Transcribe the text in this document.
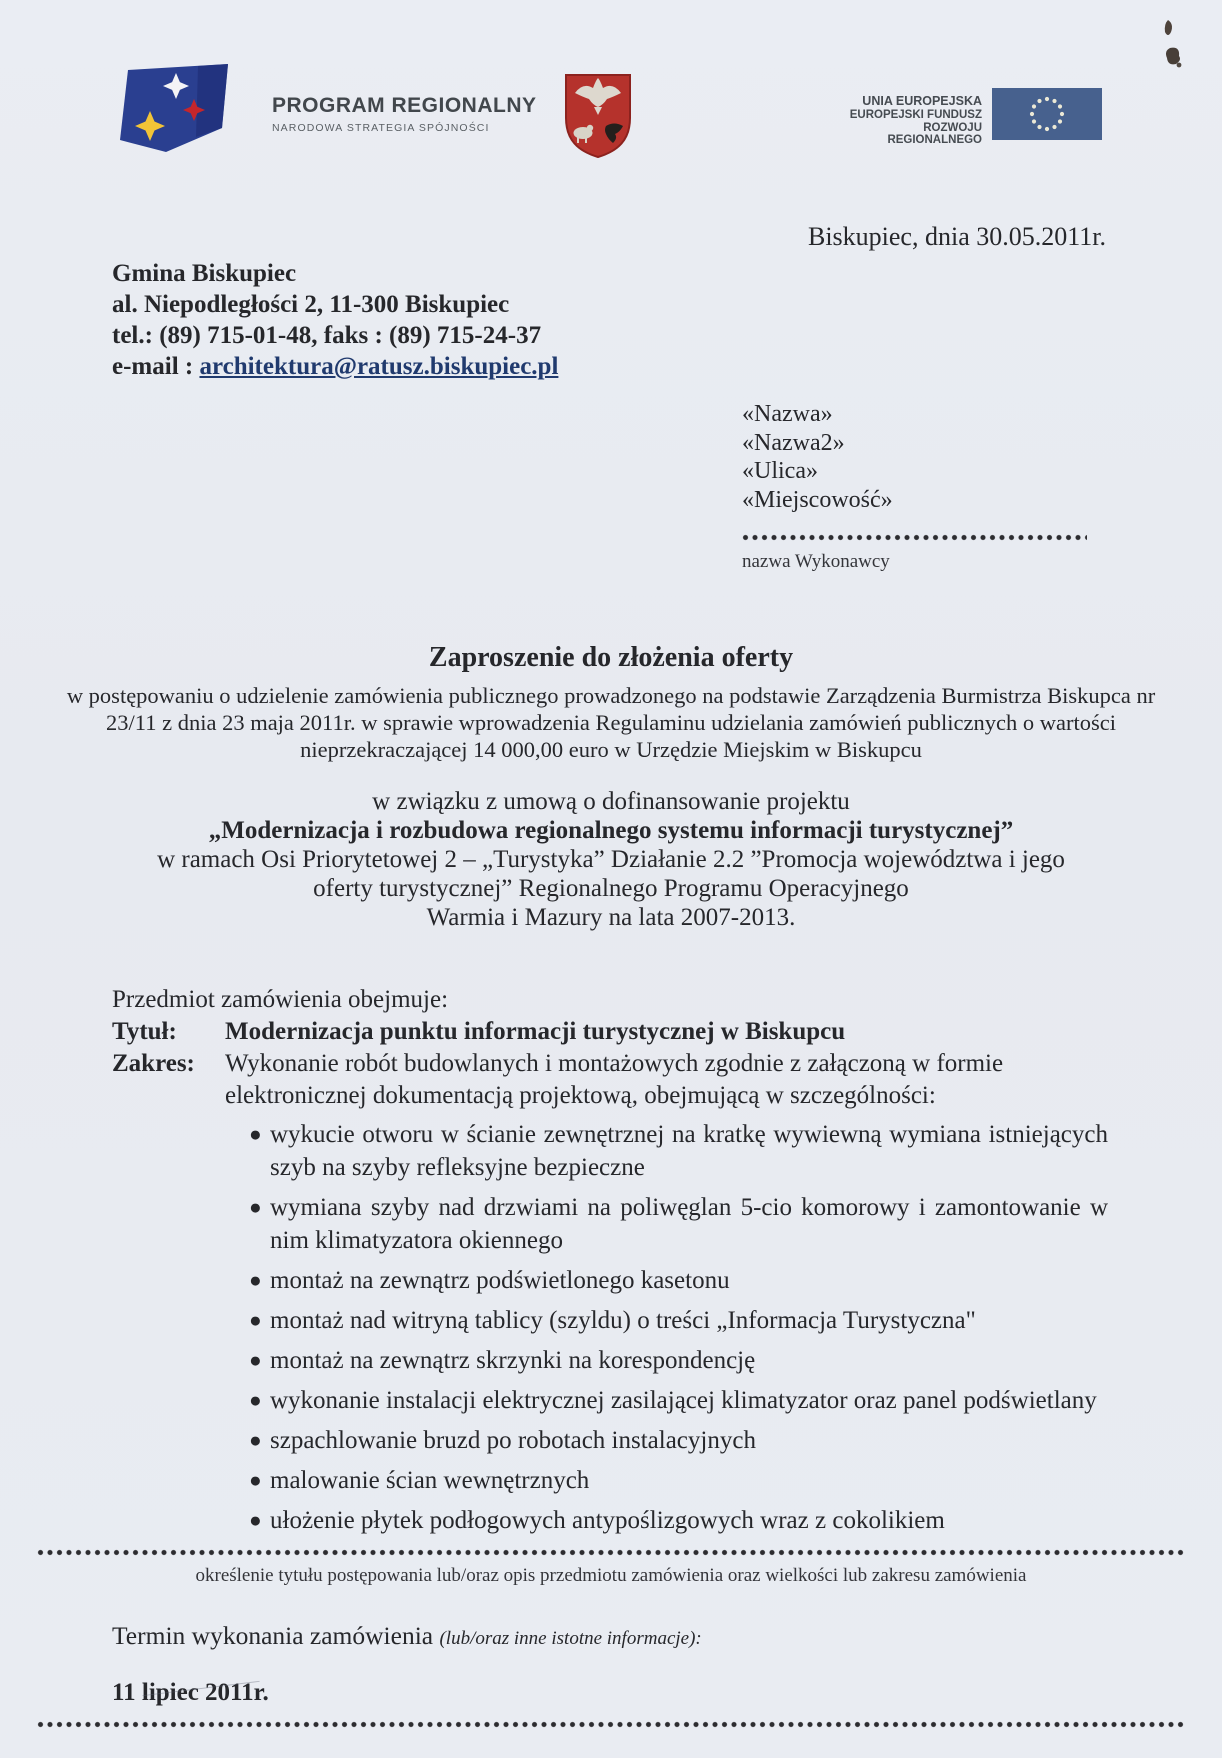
PROGRAM REGIONALNY
NARODOWA STRATEGIA SPÓJNOŚCI
UNIA EUROPEJSKA
EUROPEJSKI FUNDUSZ
ROZWOJU REGIONALNEGO
Biskupiec, dnia 30.05.2011r.
Gmina Biskupiec
al. Niepodległości 2, 11-300 Biskupiec
tel.: (89) 715-01-48, faks : (89) 715-24-37
e-mail : architektura@ratusz.biskupiec.pl
«Nazwa»
«Nazwa2»
«Ulica»
«Miejscowość»
nazwa Wykonawcy
Zaproszenie do złożenia oferty
w postępowaniu o udzielenie zamówienia publicznego prowadzonego na podstawie Zarządzenia Burmistrza Biskupca nr
23/11 z dnia 23 maja 2011r. w sprawie wprowadzenia Regulaminu udzielania zamówień publicznych o wartości
nieprzekraczającej 14 000,00 euro w Urzędzie Miejskim w Biskupcu
w związku z umową o dofinansowanie projektu
„Modernizacja i rozbudowa regionalnego systemu informacji turystycznej”
w ramach Osi Priorytetowej 2 – „Turystyka” Działanie 2.2 ”Promocja województwa i jego
oferty turystycznej” Regionalnego Programu Operacyjnego
Warmia i Mazury na lata 2007-2013.
Przedmiot zamówienia obejmuje:
Tytuł:	Modernizacja punktu informacji turystycznej w Biskupcu
Zakres:	Wykonanie robót budowlanych i montażowych zgodnie z załączoną w formie elektronicznej dokumentacją projektową, obejmującą w szczególności:
● wykucie otworu w ścianie zewnętrznej na kratkę wywiewną wymiana istniejących szyb na szyby refleksyjne bezpieczne
● wymiana szyby nad drzwiami na poliwęglan 5-cio komorowy i zamontowanie w nim klimatyzatora okiennego
● montaż na zewnątrz podświetlonego kasetonu
● montaż nad witryną tablicy (szyldu) o treści „Informacja Turystyczna"
● montaż na zewnątrz skrzynki na korespondencję
● wykonanie instalacji elektrycznej zasilającej klimatyzator oraz panel podświetlany
● szpachlowanie bruzd po robotach instalacyjnych
● malowanie ścian wewnętrznych
● ułożenie płytek podłogowych antypoślizgowych wraz z cokolikiem
określenie tytułu postępowania lub/oraz opis przedmiotu zamówienia oraz wielkości lub zakresu zamówienia
Termin wykonania zamówienia (lub/oraz inne istotne informacje):
11 lipiec 2011r.
